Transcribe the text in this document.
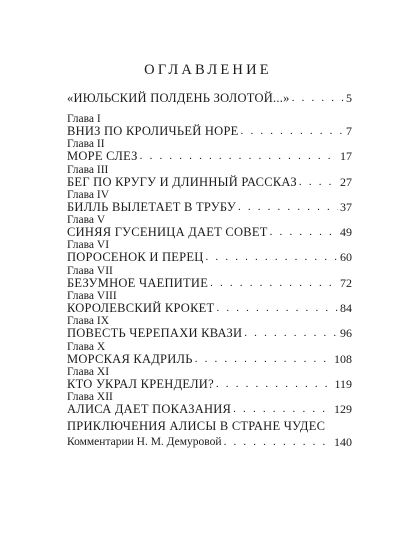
ОГЛАВЛЕНИЕ
«ИЮЛЬСКИЙ ПОЛДЕНЬ ЗОЛОТОЙ...» . . .	5
Глава I
ВНИЗ ПО КРОЛИЧЬЕЙ НОРЕ . . .	7
Глава II
МОРЕ СЛЕЗ . . .	17
Глава III
БЕГ ПО КРУГУ И ДЛИННЫЙ РАССКАЗ . . .	27
Глава IV
БИЛЛЬ ВЫЛЕТАЕТ В ТРУБУ . . .	37
Глава V
СИНЯЯ ГУСЕНИЦА ДАЕТ СОВЕТ . . .	49
Глава VI
ПОРОСЕНОК И ПЕРЕЦ . . .	60
Глава VII
БЕЗУМНОЕ ЧАЕПИТИЕ . . .	72
Глава VIII
КОРОЛЕВСКИЙ КРОКЕТ . . .	84
Глава IX
ПОВЕСТЬ ЧЕРЕПАХИ КВАЗИ . . .	96
Глава X
МОРСКАЯ КАДРИЛЬ . . .	108
Глава XI
КТО УКРАЛ КРЕНДЕЛИ? . . .	119
Глава XII
АЛИСА ДАЕТ ПОКАЗАНИЯ . . .	129
ПРИКЛЮЧЕНИЯ АЛИСЫ В СТРАНЕ ЧУДЕС
Комментарии Н. М. Демуровой . . .	140
